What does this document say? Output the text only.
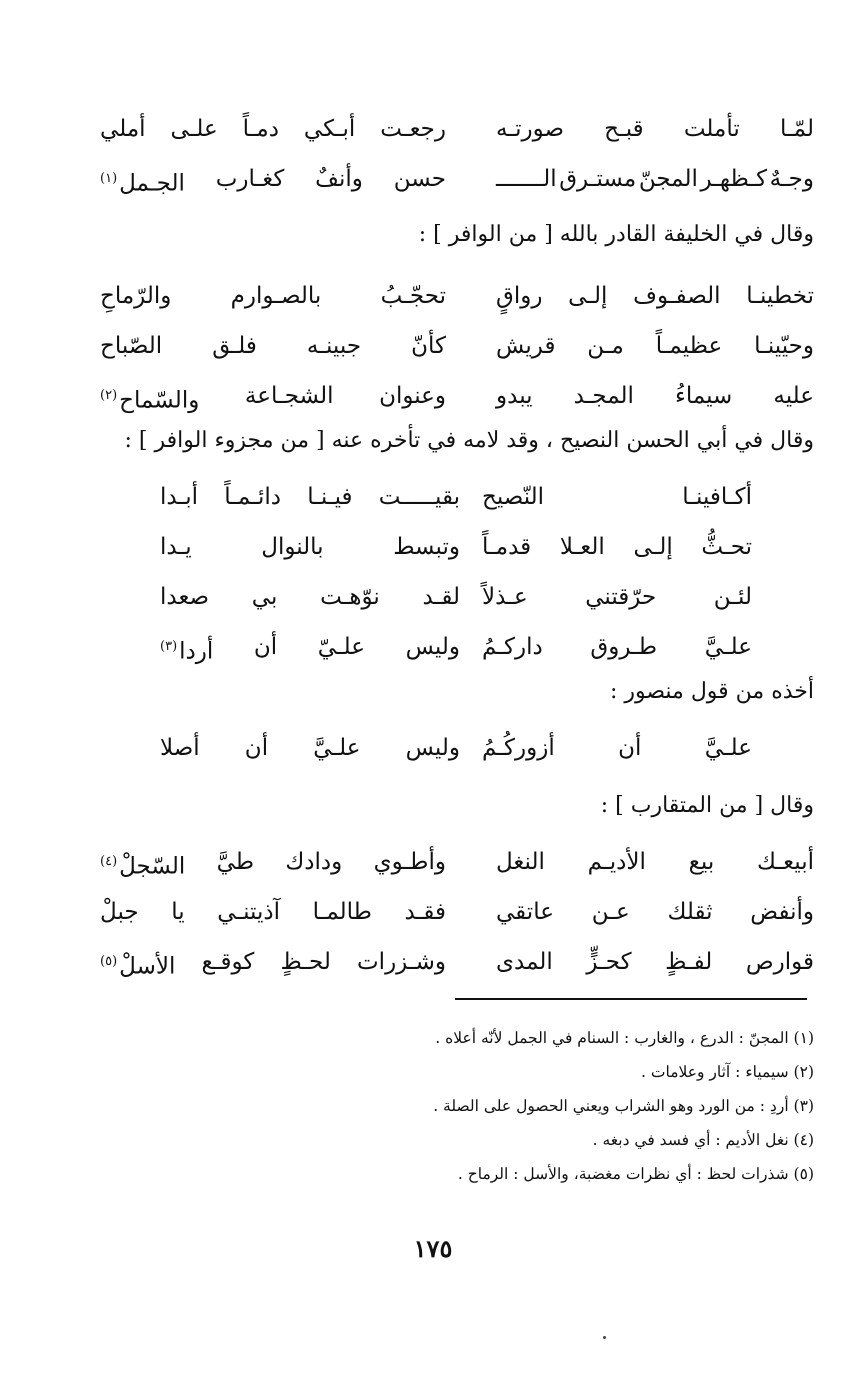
لمّـا
تأملت
قبـح
صورتـه
رجعـت
أبـكي
دمـاً
علـى
أملي
وجـهٌ
كـظهـر
المجنّ
مستـرق
الـــــــ
حسن
وأنفٌ
كغـارب
الجـمل$^{(١)}$
وقال في الخليفة القادر بالله [ من الوافر ] :
تخطينـا
الصفـوف
إلـى
رواقٍ
تحجّـبُ
بالصـوارم
والرّماحِ
وحيّينـا
عظيمـاً
مـن
قريش
كأنّ
جبينـه
فلـق
الصّباح
عليه
سيماءُ
المجـد
يبدو
وعنوان
الشجـاعة
والسّماح$^{(٢)}$
وقال في أبي الحسن النصيح ، وقد لامه في تأخره عنه [ من مجزوء الوافر ] :
أكـافينـا
النّصيح
بقيـــــت
فيـنـا
دائـمـاً
أبـدا
تحـثُّ
إلـى
العـلا
قدمـاً
وتبسط
بالنوال
يـدا
لئـن
حرّقتني
عـذلاً
لقـد
نوّهـت
بي
صعدا
علـيَّ
طـروق
داركـمُ
وليس
علـيّ
أن
أردا$^{(٣)}$
أخذه من قول منصور :
علـيَّ
أن
أزوركُـمُ
وليس
علـيَّ
أن
أصلا
وقال [ من المتقارب ] :
أبيعـك
بيع
الأديـم
النغل
وأطـوي
ودادك
طيَّ
السّجلْ$^{(٤)}$
وأنفض
ثقلك
عـن
عاتقي
فقـد
طالمـا
آذيتنـي
يا
جبلْ
قوارص
لفـظٍ
كحـزٍّ
المدى
وشـزرات
لحـظٍ
كوقـع
الأسلْ$^{(٥)}$
(١) المجنّ : الدرع ، والغارب : السنام في الجمل لأنّه أعلاه .
(٢) سيمياء : آثار وعلامات .
(٣) أردِ : من الورد وهو الشراب ويعني الحصول على الصلة .
(٤) نغل الأديم : أي فسد في دبغه .
(٥) شذرات لحظ : أي نظرات مغضبة، والأسل : الرماح .
١٧٥
